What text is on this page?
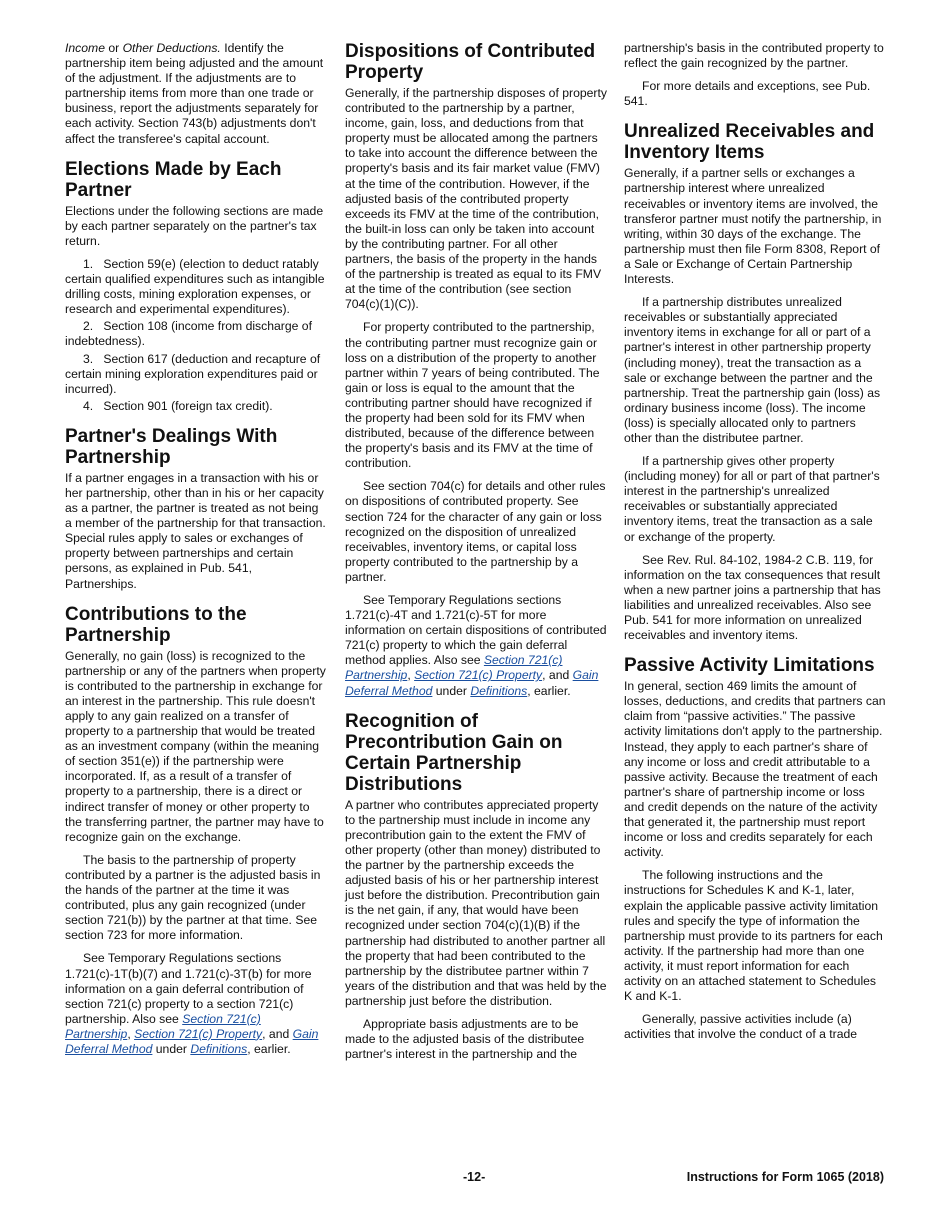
Income or Other Deductions. Identify the partnership item being adjusted and the amount of the adjustment. If the adjustments are to partnership items from more than one trade or business, report the adjustments separately for each activity. Section 743(b) adjustments don't affect the transferee's capital account.

Elections Made by Each Partner

Elections under the following sections are made by each partner separately on the partner's tax return.

1.   Section 59(e) (election to deduct ratably certain qualified expenditures such as intangible drilling costs, mining exploration expenses, or research and experimental expenditures).

2.   Section 108 (income from discharge of indebtedness).

3.   Section 617 (deduction and recapture of certain mining exploration expenditures paid or incurred).

4.   Section 901 (foreign tax credit).

Partner's Dealings With Partnership

If a partner engages in a transaction with his or her partnership, other than in his or her capacity as a partner, the partner is treated as not being a member of the partnership for that transaction. Special rules apply to sales or exchanges of property between partnerships and certain persons, as explained in Pub. 541, Partnerships.

Contributions to the Partnership

Generally, no gain (loss) is recognized to the partnership or any of the partners when property is contributed to the partnership in exchange for an interest in the partnership. This rule doesn't apply to any gain realized on a transfer of property to a partnership that would be treated as an investment company (within the meaning of section 351(e)) if the partnership were incorporated. If, as a result of a transfer of property to a partnership, there is a direct or indirect transfer of money or other property to the transferring partner, the partner may have to recognize gain on the exchange.

The basis to the partnership of property contributed by a partner is the adjusted basis in the hands of the partner at the time it was contributed, plus any gain recognized (under section 721(b)) by the partner at that time. See section 723 for more information.

See Temporary Regulations sections 1.721(c)-1T(b)(7) and 1.721(c)-3T(b) for more information on a gain deferral contribution of section 721(c) property to a section 721(c) partnership. Also see Section 721(c) Partnership, Section 721(c) Property, and Gain Deferral Method under Definitions, earlier.

Dispositions of Contributed Property

Generally, if the partnership disposes of property contributed to the partnership by a partner, income, gain, loss, and deductions from that property must be allocated among the partners to take into account the difference between the property's basis and its fair market value (FMV) at the time of the contribution. However, if the adjusted basis of the contributed property exceeds its FMV at the time of the contribution, the built-in loss can only be taken into account by the contributing partner. For all other partners, the basis of the property in the hands of the partnership is treated as equal to its FMV at the time of the contribution (see section 704(c)(1)(C)).

For property contributed to the partnership, the contributing partner must recognize gain or loss on a distribution of the property to another partner within 7 years of being contributed. The gain or loss is equal to the amount that the contributing partner should have recognized if the property had been sold for its FMV when distributed, because of the difference between the property's basis and its FMV at the time of contribution.

See section 704(c) for details and other rules on dispositions of contributed property. See section 724 for the character of any gain or loss recognized on the disposition of unrealized receivables, inventory items, or capital loss property contributed to the partnership by a partner.

See Temporary Regulations sections 1.721(c)-4T and 1.721(c)-5T for more information on certain dispositions of contributed 721(c) property to which the gain deferral method applies. Also see Section 721(c) Partnership, Section 721(c) Property, and Gain Deferral Method under Definitions, earlier.

Recognition of Precontribution Gain on Certain Partnership Distributions

A partner who contributes appreciated property to the partnership must include in income any precontribution gain to the extent the FMV of other property (other than money) distributed to the partner by the partnership exceeds the adjusted basis of his or her partnership interest just before the distribution. Precontribution gain is the net gain, if any, that would have been recognized under section 704(c)(1)(B) if the partnership had distributed to another partner all the property that had been contributed to the partnership by the distributee partner within 7 years of the distribution and that was held by the partnership just before the distribution.

Appropriate basis adjustments are to be made to the adjusted basis of the distributee partner's interest in the partnership and the

partnership's basis in the contributed property to reflect the gain recognized by the partner.

For more details and exceptions, see Pub. 541.

Unrealized Receivables and Inventory Items

Generally, if a partner sells or exchanges a partnership interest where unrealized receivables or inventory items are involved, the transferor partner must notify the partnership, in writing, within 30 days of the exchange. The partnership must then file Form 8308, Report of a Sale or Exchange of Certain Partnership Interests.

If a partnership distributes unrealized receivables or substantially appreciated inventory items in exchange for all or part of a partner's interest in other partnership property (including money), treat the transaction as a sale or exchange between the partner and the partnership. Treat the partnership gain (loss) as ordinary business income (loss). The income (loss) is specially allocated only to partners other than the distributee partner.

If a partnership gives other property (including money) for all or part of that partner's interest in the partnership's unrealized receivables or substantially appreciated inventory items, treat the transaction as a sale or exchange of the property.

See Rev. Rul. 84-102, 1984-2 C.B. 119, for information on the tax consequences that result when a new partner joins a partnership that has liabilities and unrealized receivables. Also see Pub. 541 for more information on unrealized receivables and inventory items.

Passive Activity Limitations

In general, section 469 limits the amount of losses, deductions, and credits that partners can claim from “passive activities.” The passive activity limitations don't apply to the partnership. Instead, they apply to each partner's share of any income or loss and credit attributable to a passive activity. Because the treatment of each partner's share of partnership income or loss and credit depends on the nature of the activity that generated it, the partnership must report income or loss and credits separately for each activity.

The following instructions and the instructions for Schedules K and K-1, later, explain the applicable passive activity limitation rules and specify the type of information the partnership must provide to its partners for each activity. If the partnership had more than one activity, it must report information for each activity on an attached statement to Schedules K and K-1.

Generally, passive activities include (a) activities that involve the conduct of a trade

-12-	Instructions for Form 1065 (2018)
